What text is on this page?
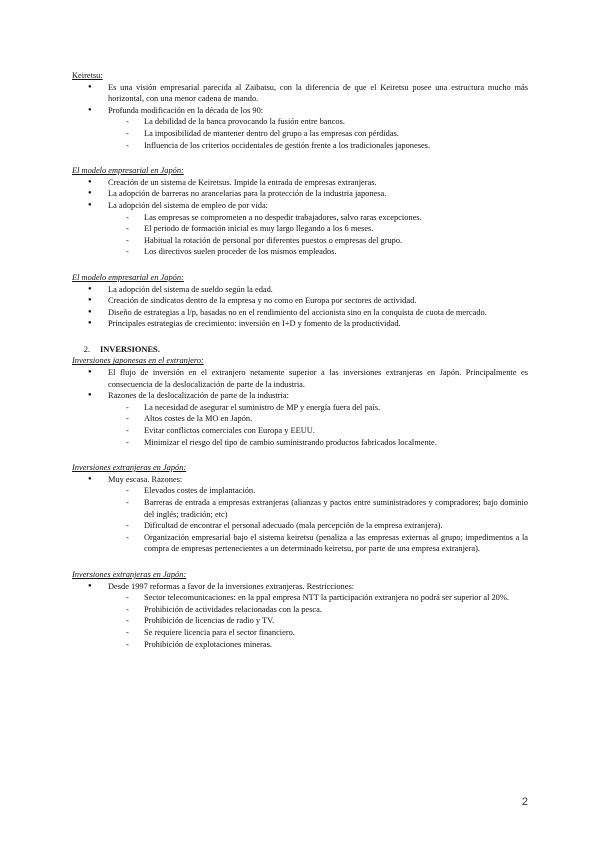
Keiretsu:
● Es una visión empresarial parecida al Zaibatsu, con la diferencia de que el Keiretsu posee una estructura mucho más horizontal, con una menor cadena de mando.
● Profunda modificación en la década de los 90:
- La debilidad de la banca provocando la fusión entre bancos.
- La imposibilidad de mantener dentro del grupo a las empresas con pérdidas.
- Influencia de los criterios occidentales de gestión frente a los tradicionales japoneses.
El modelo empresarial en Japón:
● Creación de un sistema de Keiretsus. Impide la entrada de empresas extranjeras.
● La adopción de barreras no arancelarias para la protección de la industria japonesa.
● La adopción del sistema de empleo de por vida:
- Las empresas se comprometen a no despedir trabajadores, salvo raras excepciones.
- El periodo de formación inicial es muy largo llegando a los 6 meses.
- Habitual la rotación de personal por diferentes puestos o empresas del grupo.
- Los directivos suelen proceder de los mismos empleados.
El modelo empresarial en Japón:
● La adopción del sistema de sueldo según la edad.
● Creación de sindicatos dentro de la empresa y no como en Europa por sectores de actividad.
● Diseño de estrategias a l/p, basadas no en el rendimiento del accionista sino en la conquista de cuota de mercado.
● Principales estrategias de crecimiento: inversión en I+D y fomento de la productividad.
2. INVERSIONES.
Inversiones japonesas en el extranjero:
● El flujo de inversión en el extranjero netamente superior a las inversiones extranjeras en Japón. Principalmente es consecuencia de la deslocalización de parte de la industria.
● Razones de la deslocalización de parte de la industria:
- La necesidad de asegurar el suministro de MP y energía fuera del país.
- Altos costes de la MO en Japón.
- Evitar conflictos comerciales con Europa y EEUU.
- Minimizar el riesgo del tipo de cambio suministrando productos fabricados localmente.
Inversiones extranjeras en Japón:
● Muy escasa. Razones:
- Elevados costes de implantación.
- Barreras de entrada a empresas extranjeras (alianzas y pactos entre suministradores y compradores; bajo dominio del inglés; tradición; etc)
- Dificultad de encontrar el personal adecuado (mala percepción de la empresa extranjera).
- Organización empresarial bajo el sistema keiretsu (penaliza a las empresas externas al grupo; impedimentos a la compra de empresas pertenecientes a un determinado keiretsu, por parte de una empresa extranjera).
Inversiones extranjeras en Japón:
● Desde 1997 reformas a favor de la inversiones extranjeras. Restricciones:
- Sector telecomunicaciones: en la ppal empresa NTT la participación extranjera no podrá ser superior al 20%.
- Prohibición de actividades relacionadas con la pesca.
- Prohibición de licencias de radio y TV.
- Se requiere licencia para el sector financiero.
- Prohibición de explotaciones mineras.
2
